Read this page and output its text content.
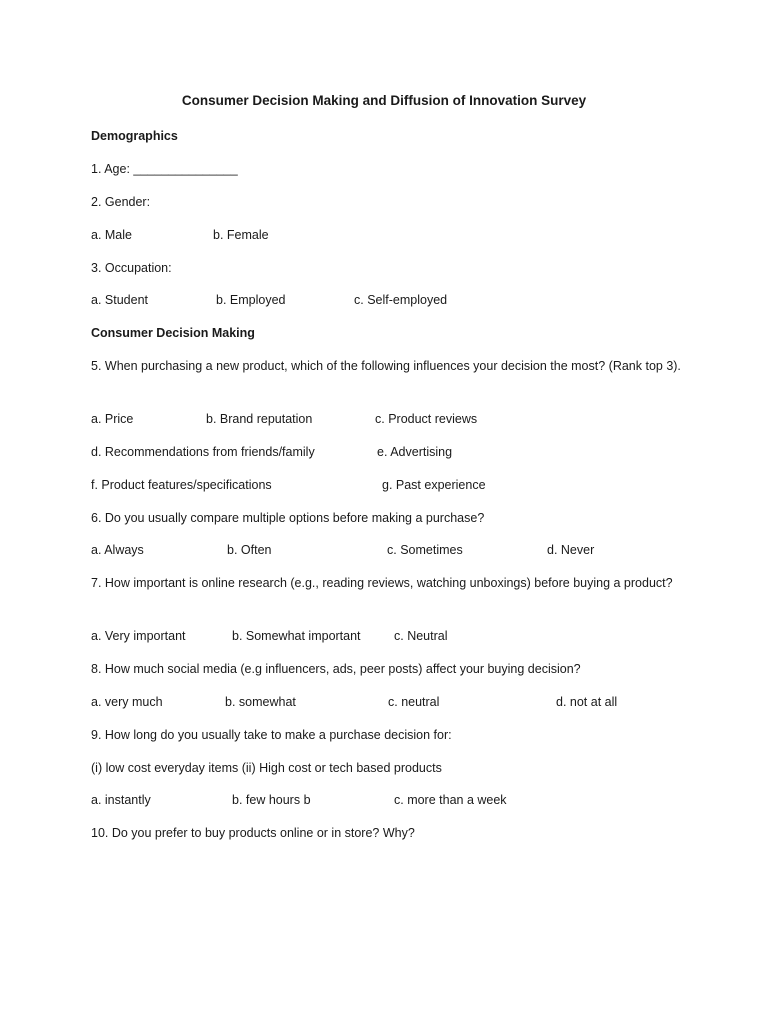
Consumer Decision Making and Diffusion of Innovation Survey
Demographics
1. Age: _______________
2. Gender:
a. Male	b. Female
3. Occupation:
a. Student	b. Employed	c. Self-employed
Consumer Decision Making
5. When purchasing a new product, which of the following influences your decision the most? (Rank top 3).
a. Price	b. Brand reputation	c. Product reviews
d. Recommendations from friends/family	e. Advertising
f. Product features/specifications	g. Past experience
6. Do you usually compare multiple options before making a purchase?
a. Always	b. Often	c. Sometimes	d. Never
7. How important is online research (e.g., reading reviews, watching unboxings) before buying a product?
a. Very important	b. Somewhat important	c. Neutral
8. How much social media (e.g influencers, ads, peer posts) affect your buying decision?
a. very much	b. somewhat	c. neutral	d. not at all
9. How long do you usually take to make a purchase decision for:
(i) low cost everyday items (ii) High cost or tech based products
a. instantly	b. few hours b	c. more than a week
10. Do you prefer to buy products online or in store? Why?
